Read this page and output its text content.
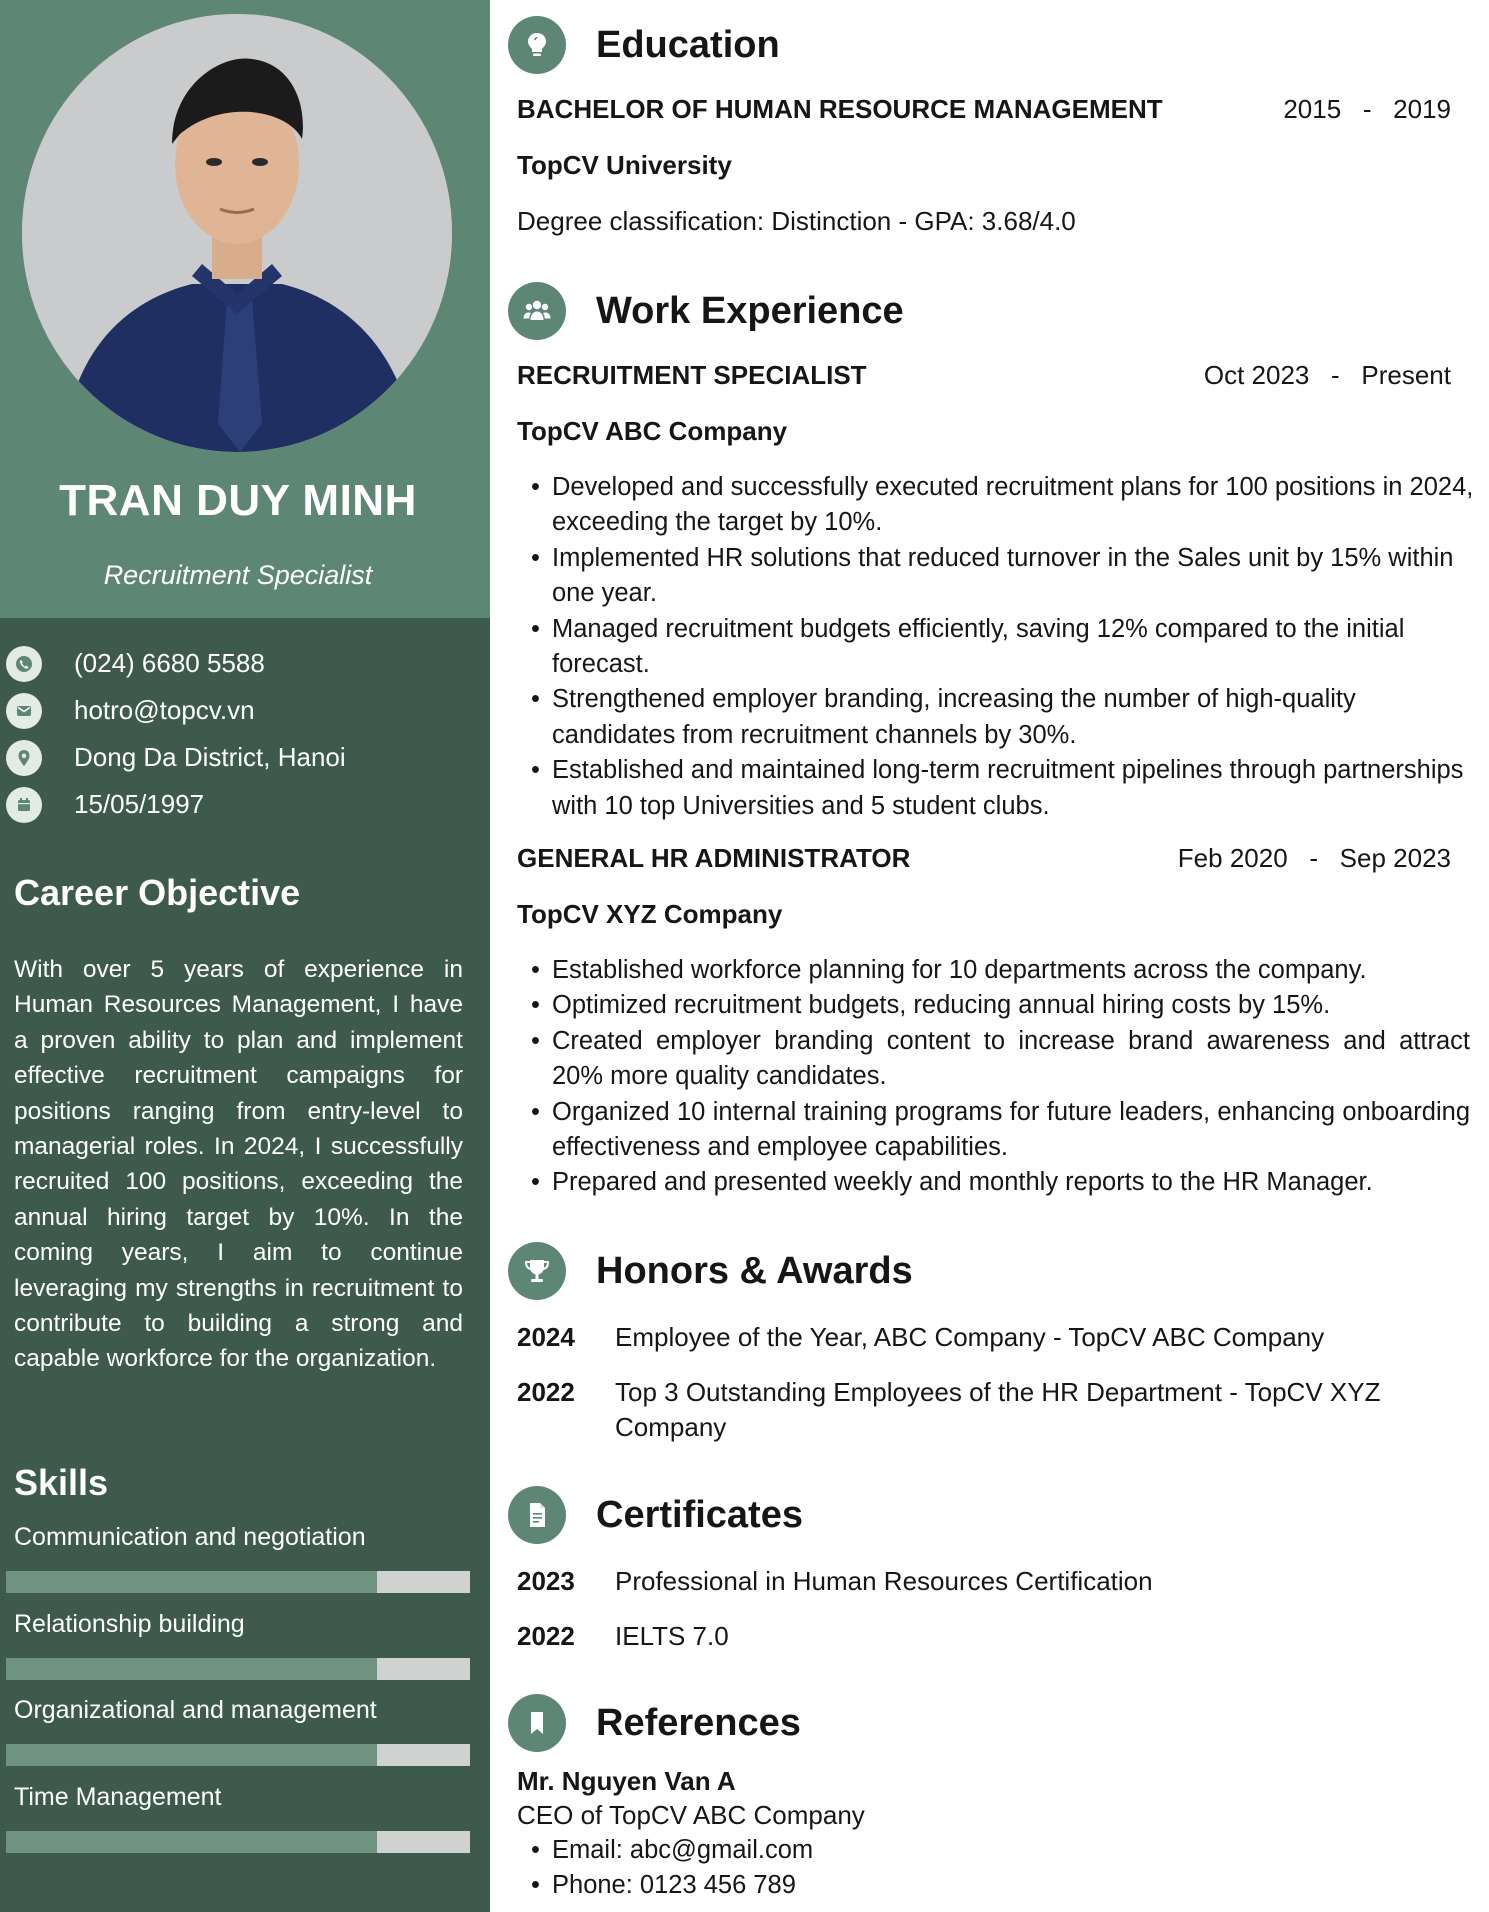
TRAN DUY MINH
Recruitment Specialist
(024) 6680 5588
hotro@topcv.vn
Dong Da District, Hanoi
15/05/1997
Career Objective
With over 5 years of experience in Human Resources Management, I have a proven ability to plan and implement effective recruitment campaigns for positions ranging from entry-level to managerial roles. In 2024, I successfully recruited 100 positions, exceeding the annual hiring target by 10%. In the coming years, I aim to continue leveraging my strengths in recruitment to contribute to building a strong and capable workforce for the organization.
Skills
Communication and negotiation
Relationship building
Organizational and management
Time Management
Education
BACHELOR OF HUMAN RESOURCE MANAGEMENT	2015   -   2019
TopCV University
Degree classification: Distinction - GPA: 3.68/4.0
Work Experience
RECRUITMENT SPECIALIST	Oct 2023   -   Present
TopCV ABC Company
• Developed and successfully executed recruitment plans for 100 positions in 2024, exceeding the target by 10%.
• Implemented HR solutions that reduced turnover in the Sales unit by 15% within one year.
• Managed recruitment budgets efficiently, saving 12% compared to the initial forecast.
• Strengthened employer branding, increasing the number of high-quality candidates from recruitment channels by 30%.
• Established and maintained long-term recruitment pipelines through partnerships with 10 top Universities and 5 student clubs.
GENERAL HR ADMINISTRATOR	Feb 2020   -   Sep 2023
TopCV XYZ Company
• Established workforce planning for 10 departments across the company.
• Optimized recruitment budgets, reducing annual hiring costs by 15%.
• Created employer branding content to increase brand awareness and attract 20% more quality candidates.
• Organized 10 internal training programs for future leaders, enhancing onboarding effectiveness and employee capabilities.
• Prepared and presented weekly and monthly reports to the HR Manager.
Honors & Awards
2024 Employee of the Year, ABC Company - TopCV ABC Company
2022 Top 3 Outstanding Employees of the HR Department - TopCV XYZ Company
Certificates
2023 Professional in Human Resources Certification
2022 IELTS 7.0
References
Mr. Nguyen Van A
CEO of TopCV ABC Company
• Email: abc@gmail.com
• Phone: 0123 456 789
